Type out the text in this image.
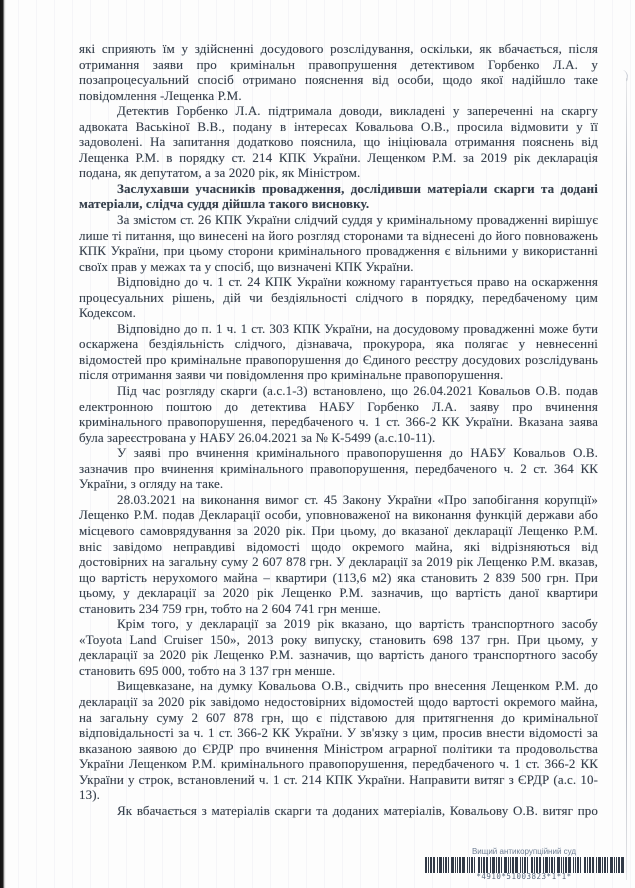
які сприяють їм у здійсненні досудового розслідування, оскільки, як вбачається, після отримання заяви про кримінальн правопрушення детективом Горбенко Л.А. у позапроцесуальний спосіб отримано пояснення від особи, щодо якої надійшло таке повідомлення -Лещенка Р.М.

Детектив Горбенко Л.А. підтримала доводи, викладені у запереченні на скаргу адвоката Васькіної В.В., подану в інтересах Ковальова О.В., просила відмовити у її задоволені. На запитання додатково пояснила, що ініціювала отримання пояснень від Лещенка Р.М. в порядку ст. 214 КПК України. Лещенком Р.М. за 2019 рік декларація подана, як депутатом, а за 2020 рік, як Міністром.

Заслухавши учасників провадження, дослідивши матеріали скарги та додані матеріали, слідча суддя дійшла такого висновку.

За змістом ст. 26 КПК України слідчий суддя у кримінальному провадженні вирішує лише ті питання, що винесені на його розгляд сторонами та віднесені до його повноважень КПК України, при цьому сторони кримінального провадження є вільними у використанні своїх прав у межах та у спосіб, що визначені КПК України.

Відповідно до ч. 1 ст. 24 КПК України кожному гарантується право на оскарження процесуальних рішень, дій чи бездіяльності слідчого в порядку, передбаченому цим Кодексом.

Відповідно до п. 1 ч. 1 ст. 303 КПК України, на досудовому провадженні може бути оскаржена бездіяльність слідчого, дізнавача, прокурора, яка полягає у невнесенні відомостей про кримінальне правопорушення до Єдиного реєстру досудових розслідувань після отримання заяви чи повідомлення про кримінальне правопорушення.

Під час розгляду скарги (а.с.1-3) встановлено, що 26.04.2021 Ковальов О.В. подав електронною поштою до детектива НАБУ Горбенко Л.А. заяву про вчинення кримінального правопорушення, передбаченого ч. 1 ст. 366-2 КК України. Вказана заява була зареєстрована у НАБУ 26.04.2021 за № К-5499 (а.с.10-11).

У заяві про вчинення кримінального правопорушення до НАБУ Ковальов О.В. зазначив про вчинення кримінального правопорушення, передбаченого ч. 2 ст. 364 КК України, з огляду на таке.

28.03.2021 на виконання вимог ст. 45 Закону України «Про запобігання корупції» Лещенко Р.М. подав Декларації особи, уповноваженої на виконання функцій держави або місцевого самоврядування за 2020 рік. При цьому, до вказаної декларації Лещенко Р.М. вніс завідомо неправдиві відомості щодо окремого майна, які відрізняються від достовірних на загальну суму 2 607 878 грн. У декларації за 2019 рік Лещенко Р.М. вказав, що вартість нерухомого майна – квартири (113,6 м2) яка становить 2 839 500 грн. При цьому, у декларації за 2020 рік Лещенко Р.М. зазначив, що вартість даної квартири становить 234 759 грн, тобто на 2 604 741 грн менше.

Крім того, у декларації за 2019 рік вказано, що вартість транспортного засобу «Toyota Land Cruiser 150», 2013 року випуску, становить 698 137 грн. При цьому, у декларації за 2020 рік Лещенко Р.М. зазначив, що вартість даного транспортного засобу становить 695 000, тобто на 3 137 грн менше.

Вищевказане, на думку Ковальова О.В., свідчить про внесення Лещенком Р.М. до декларації за 2020 рік завідомо недостовірних відомостей щодо вартості окремого майна, на загальну суму 2 607 878 грн, що є підставою для притягнення до кримінальної відповідальності за ч. 1 ст. 366-2 КК України. У зв'язку з цим, просив внести відомості за вказаною заявою до ЄРДР про вчинення Міністром аграрної політики та продовольства України Лещенком Р.М. кримінального правопорушення, передбаченого ч. 1 ст. 366-2 КК України у строк, встановлений ч. 1 ст. 214 КПК України. Направити витяг з ЄРДР (а.с. 10-13).

Як вбачається з матеріалів скарги та доданих матеріалів, Ковальову О.В. витяг про

Вищий антикорупційний суд
*4910*51003823*1*1*
